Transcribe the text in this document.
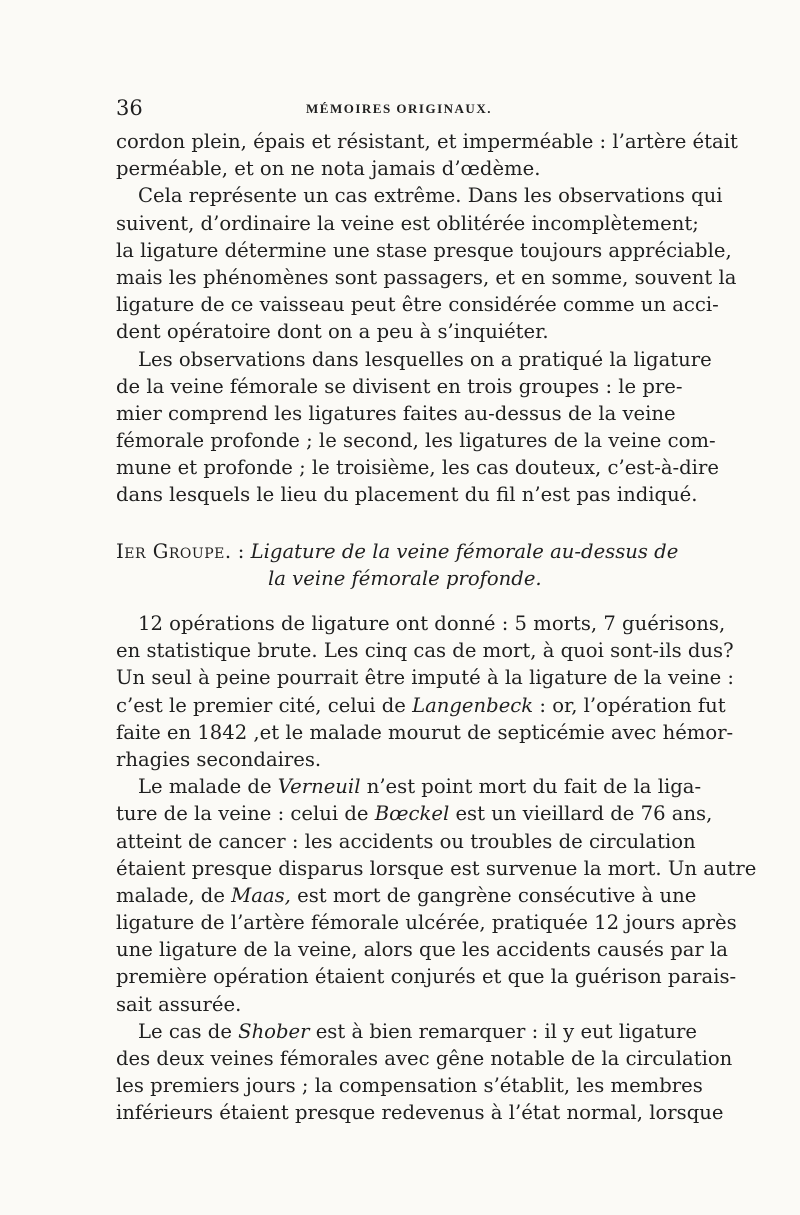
36	MÉMOIRES ORIGINAUX.
cordon plein, épais et résistant, et imperméable : l’artère était
perméable, et on ne nota jamais d’œdème.
Cela représente un cas extrême. Dans les observations qui
suivent, d’ordinaire la veine est oblitérée incomplètement;
la ligature détermine une stase presque toujours appréciable,
mais les phénomènes sont passagers, et en somme, souvent la
ligature de ce vaisseau peut être considérée comme un acci-
dent opératoire dont on a peu à s’inquiéter.
Les observations dans lesquelles on a pratiqué la ligature
de la veine fémorale se divisent en trois groupes : le pre-
mier comprend les ligatures faites au-dessus de la veine
fémorale profonde ; le second, les ligatures de la veine com-
mune et profonde ; le troisième, les cas douteux, c’est-à-dire
dans lesquels le lieu du placement du fil n’est pas indiqué.
Ier Groupe. : Ligature de la veine fémorale au-dessus de
la veine fémorale profonde.
12 opérations de ligature ont donné : 5 morts, 7 guérisons,
en statistique brute. Les cinq cas de mort, à quoi sont-ils dus?
Un seul à peine pourrait être imputé à la ligature de la veine :
c’est le premier cité, celui de Langenbeck : or, l’opération fut
faite en 1842 ,et le malade mourut de septicémie avec hémor-
rhagies secondaires.
Le malade de Verneuil n’est point mort du fait de la liga-
ture de la veine : celui de Bœckel est un vieillard de 76 ans,
atteint de cancer : les accidents ou troubles de circulation
étaient presque disparus lorsque est survenue la mort. Un autre
malade, de Maas, est mort de gangrène consécutive à une
ligature de l’artère fémorale ulcérée, pratiquée 12 jours après
une ligature de la veine, alors que les accidents causés par la
première opération étaient conjurés et que la guérison parais-
sait assurée.
Le cas de Shober est à bien remarquer : il y eut ligature
des deux veines fémorales avec gêne notable de la circulation
les premiers jours ; la compensation s’établit, les membres
inférieurs étaient presque redevenus à l’état normal, lorsque
